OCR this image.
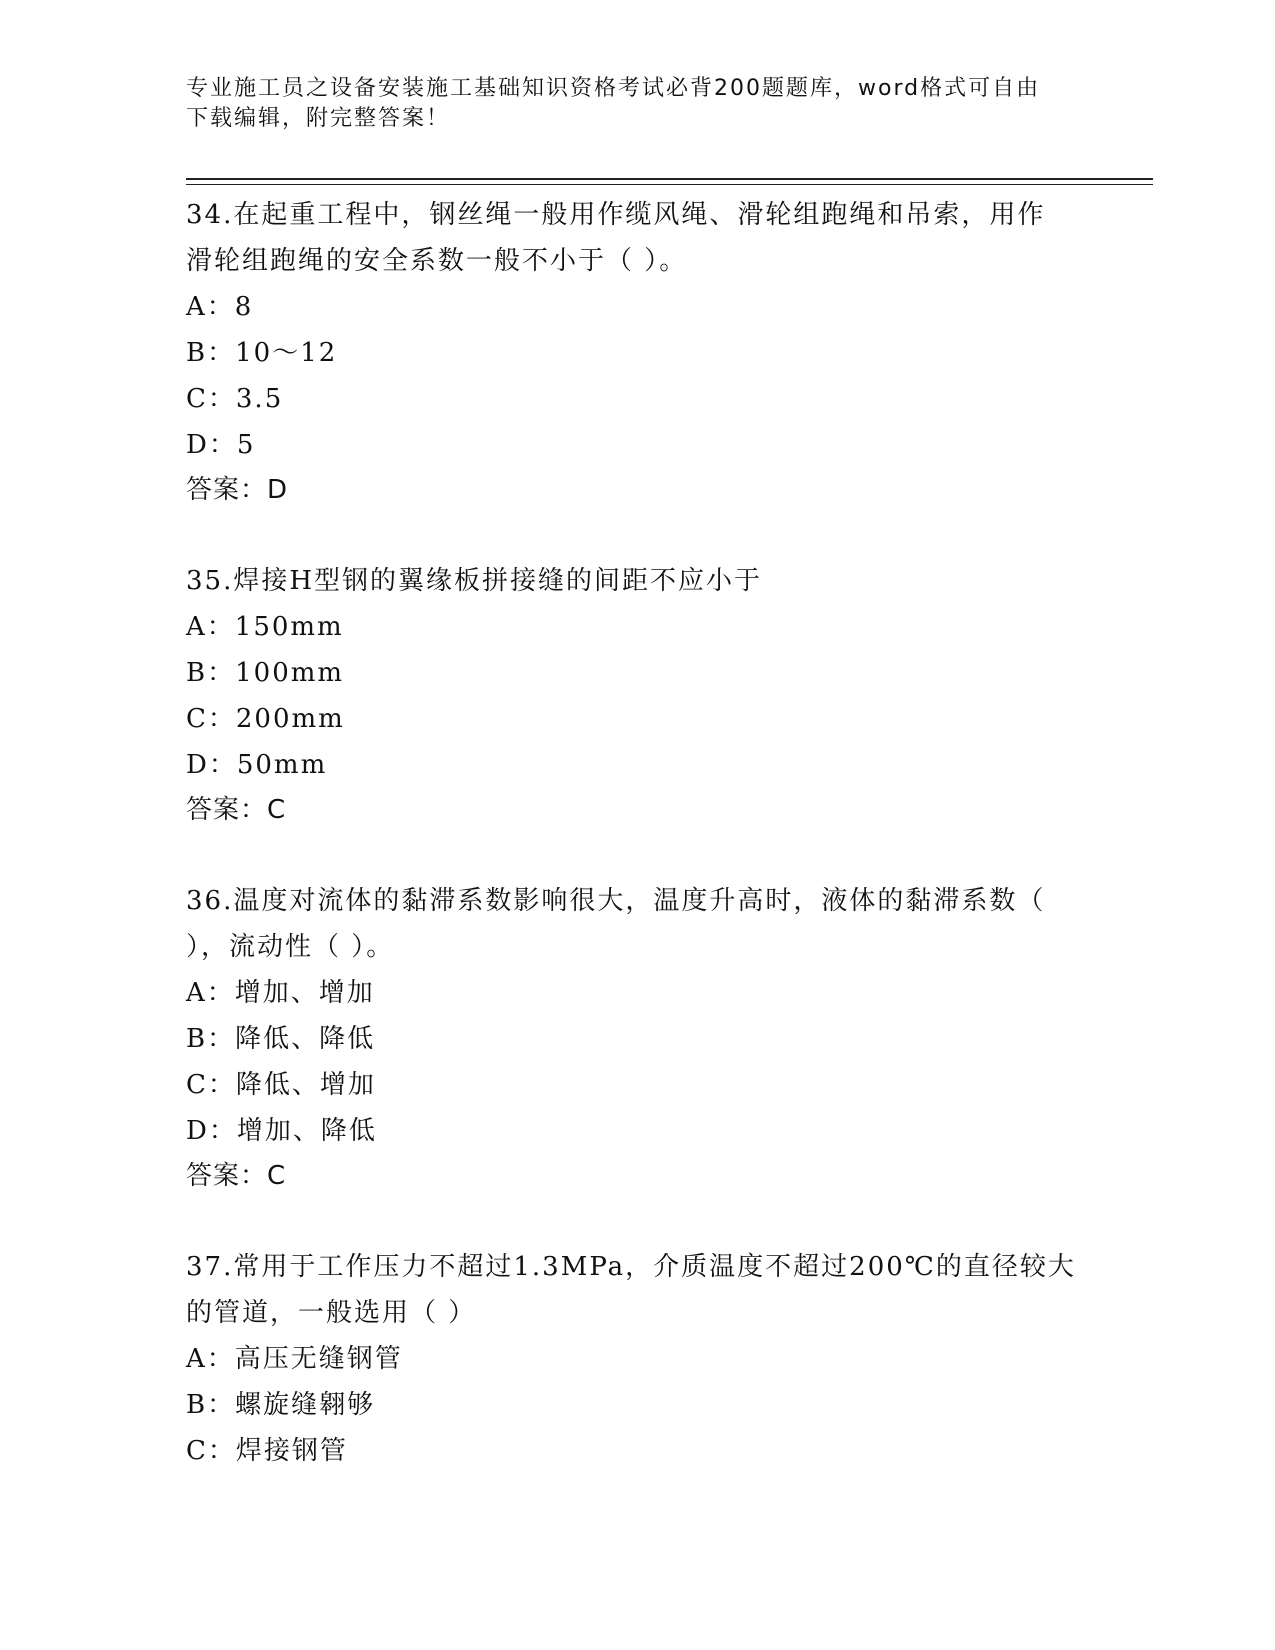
专业施工员之设备安装施工基础知识资格考试必背200题题库，word格式可自由
下载编辑，附完整答案！
34.在起重工程中，钢丝绳一般用作缆风绳、滑轮组跑绳和吊索，用作
滑轮组跑绳的安全系数一般不小于（ ）。
A：8
B：10～12
C：3.5
D：5
答案：D
35.焊接H型钢的翼缘板拼接缝的间距不应小于
A：150mm
B：100mm
C：200mm
D：50mm
答案：C
36.温度对流体的黏滞系数影响很大，温度升高时，液体的黏滞系数（
），流动性（ ）。
A：增加、增加
B：降低、降低
C：降低、增加
D：增加、降低
答案：C
37.常用于工作压力不超过1.3MPa，介质温度不超过200℃的直径较大
的管道，一般选用（ ）
A：高压无缝钢管
B：螺旋缝翱够
C：焊接钢管
